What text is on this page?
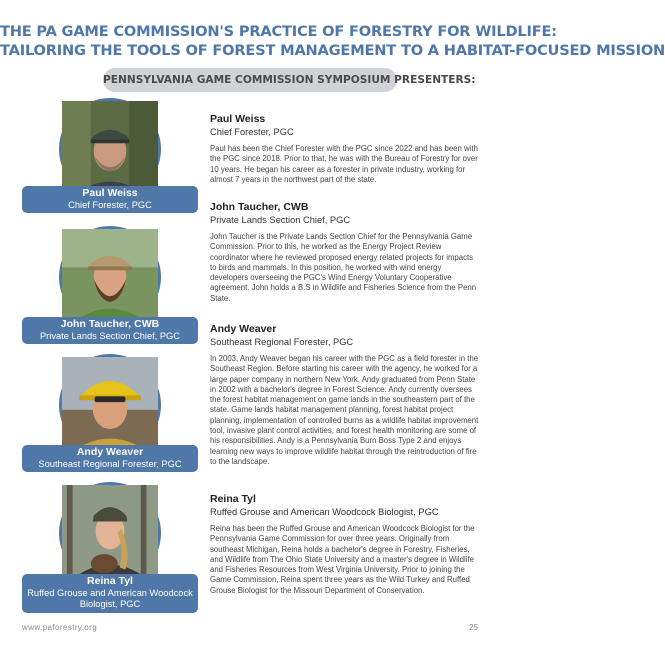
THE PA GAME COMMISSION'S PRACTICE OF FORESTRY FOR WILDLIFE:
TAILORING THE TOOLS OF FOREST MANAGEMENT TO A HABITAT-FOCUSED MISSION
PENNSYLVANIA GAME COMMISSION SYMPOSIUM PRESENTERS:
Paul Weiss
Chief Forester, PGC
Paul Weiss
Chief Forester, PGC
Paul has been the Chief Forester with the PGC since 2022 and has been with the PGC since 2018. Prior to that, he was with the Bureau of Forestry for over 10 years. He began his career as a forester in private industry, working for almost 7 years in the northwest part of the state.
John Taucher, CWB
Private Lands Section Chief, PGC
John Taucher, CWB
Private Lands Section Chief, PGC
John Taucher is the Private Lands Section Chief for the Pennsylvania Game Commission. Prior to this, he worked as the Energy Project Review coordinator where he reviewed proposed energy related projects for impacts to birds and mammals. In this position, he worked with wind energy developers overseeing the PGC's Wind Energy Voluntary Cooperative agreement. John holds a B.S in Wildlife and Fisheries Science from the Penn State.
Andy Weaver
Southeast Regional Forester, PGC
Andy Weaver
Southeast Regional Forester, PGC
In 2003, Andy Weaver began his career with the PGC as a field forester in the Southeast Region. Before starting his career with the agency, he worked for a large paper company in northern New York. Andy graduated from Penn State in 2002 with a bachelor's degree in Forest Science. Andy currently oversees the forest habitat management on game lands in the southeastern part of the state. Game lands habitat management planning, forest habitat project planning, implementation of controlled burns as a wildlife habitat improvement tool, invasive plant control activities, and forest health monitoring are some of his responsibilities. Andy is a Pennsylvania Burn Boss Type 2 and enjoys learning new ways to improve wildlife habitat through the reintroduction of fire to the landscape.
Reina Tyl
Ruffed Grouse and American Woodcock Biologist, PGC
Reina Tyl
Ruffed Grouse and American Woodcock Biologist, PGC
Reina has been the Ruffed Grouse and American Woodcock Biologist for the Pennsylvania Game Commission for over three years. Originally from southeast Michigan, Reina holds a bachelor's degree in Forestry, Fisheries, and Wildlife from The Ohio State University and a master's degree in Wildlife and Fisheries Resources from West Virginia University. Prior to joining the Game Commission, Reina spent three years as the Wild Turkey and Ruffed Grouse Biologist for the Missouri Department of Conservation.
www.paforestry.org	25
